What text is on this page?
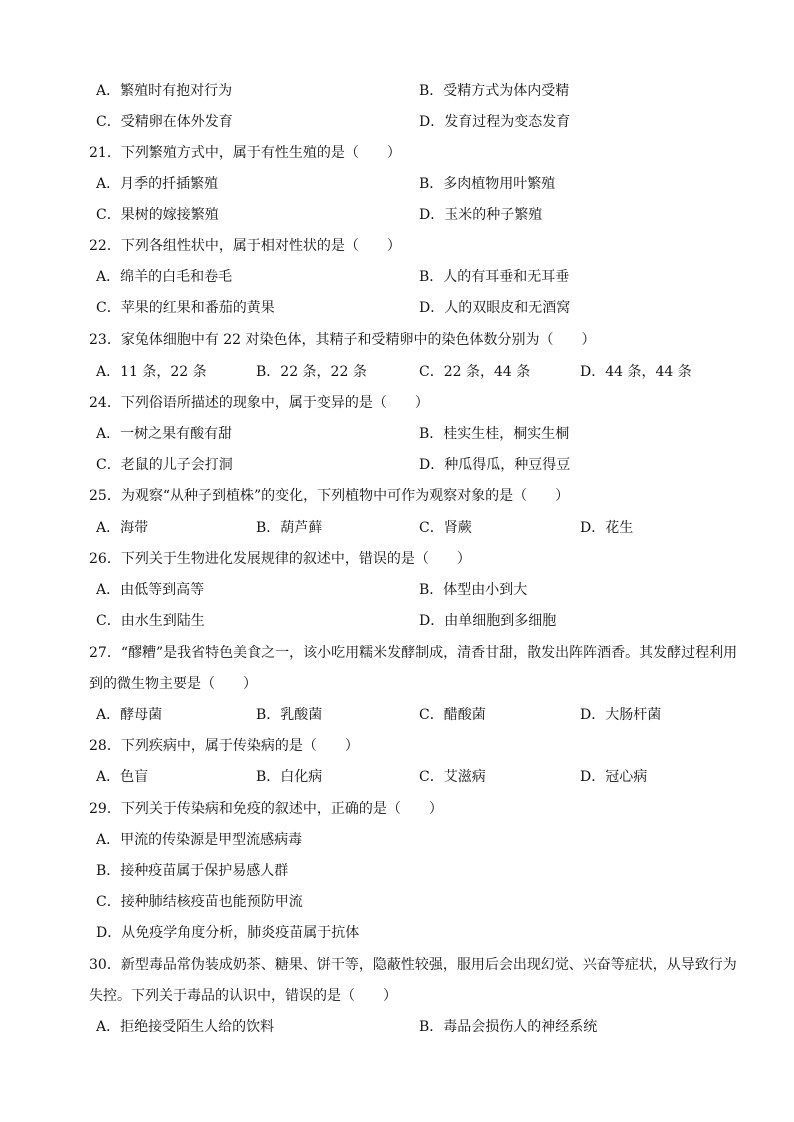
A．繁殖时有抱对行为	B．受精方式为体内受精
C．受精卵在体外发育	D．发育过程为变态发育
21．下列繁殖方式中，属于有性生殖的是（　　）
A．月季的扦插繁殖	B．多肉植物用叶繁殖
C．果树的嫁接繁殖	D．玉米的种子繁殖
22．下列各组性状中，属于相对性状的是（　　）
A．绵羊的白毛和卷毛	B．人的有耳垂和无耳垂
C．苹果的红果和番茄的黄果	D．人的双眼皮和无酒窝
23．家兔体细胞中有 22 对染色体，其精子和受精卵中的染色体数分别为（　　）
A．11 条，22 条	B．22 条，22 条	C．22 条，44 条	D．44 条，44 条
24．下列俗语所描述的现象中，属于变异的是（　　）
A．一树之果有酸有甜	B．桂实生桂，桐实生桐
C．老鼠的儿子会打洞	D．种瓜得瓜，种豆得豆
25．为观察“从种子到植株”的变化，下列植物中可作为观察对象的是（　　）
A．海带	B．葫芦藓	C．肾蕨	D．花生
26．下列关于生物进化发展规律的叙述中，错误的是（　　）
A．由低等到高等	B．体型由小到大
C．由水生到陆生	D．由单细胞到多细胞
27．“醪糟”是我省特色美食之一，该小吃用糯米发酵制成，清香甘甜，散发出阵阵酒香。其发酵过程利用
到的微生物主要是（　　）
A．酵母菌	B．乳酸菌	C．醋酸菌	D．大肠杆菌
28．下列疾病中，属于传染病的是（　　）
A．色盲	B．白化病	C．艾滋病	D．冠心病
29．下列关于传染病和免疫的叙述中，正确的是（　　）
A．甲流的传染源是甲型流感病毒
B．接种疫苗属于保护易感人群
C．接种肺结核疫苗也能预防甲流
D．从免疫学角度分析，肺炎疫苗属于抗体
30．新型毒品常伪装成奶茶、糖果、饼干等，隐蔽性较强，服用后会出现幻觉、兴奋等症状，从导致行为
失控。下列关于毒品的认识中，错误的是（　　）
A．拒绝接受陌生人给的饮料	B．毒品会损伤人的神经系统
